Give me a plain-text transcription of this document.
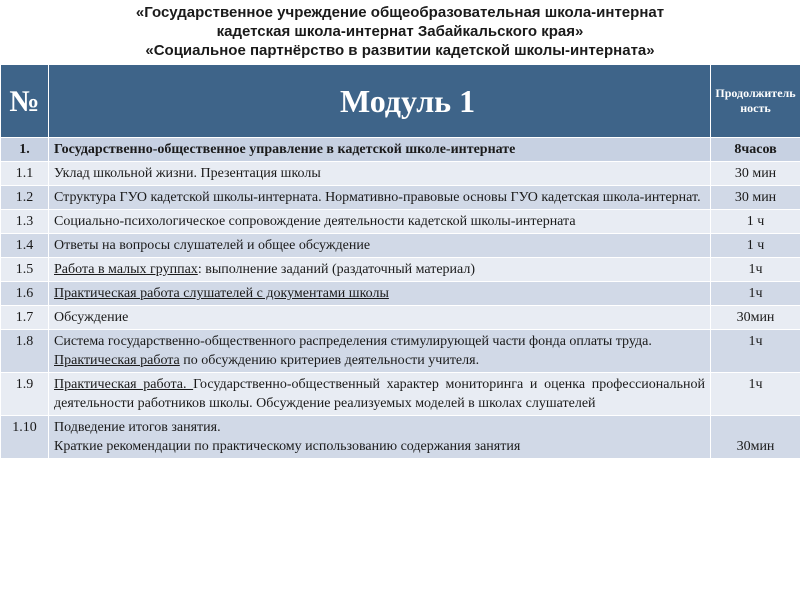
«Государственное учреждение общеобразовательная школа-интернат
кадетская школа-интернат Забайкальского края»
«Социальное партнёрство в развитии кадетской школы-интерната»
№	Модуль 1	Продолжительность
1.	Государственно-общественное управление в кадетской школе-интернате	8часов
1.1	Уклад школьной жизни. Презентация школы	30 мин
1.2	Структура ГУО кадетской школы-интерната. Нормативно-правовые основы ГУО кадетская школа-интернат.	30 мин
1.3	Социально-психологическое сопровождение деятельности кадетской школы-интерната	1 ч
1.4	Ответы на вопросы слушателей и общее обсуждение	1 ч
1.5	Работа в малых группах: выполнение заданий (раздаточный материал)	1ч
1.6	Практическая работа слушателей с документами школы	1ч
1.7	Обсуждение	30мин
1.8	Система государственно-общественного распределения стимулирующей части фонда оплаты труда.
Практическая работа по обсуждению критериев деятельности учителя.	1ч
1.9	Практическая работа. Государственно-общественный характер мониторинга и оценка профессиональной деятельности работников школы. Обсуждение реализуемых моделей в школах слушателей	1ч
1.10	Подведение итогов занятия.
Краткие рекомендации по практическому использованию содержания занятия	30мин
